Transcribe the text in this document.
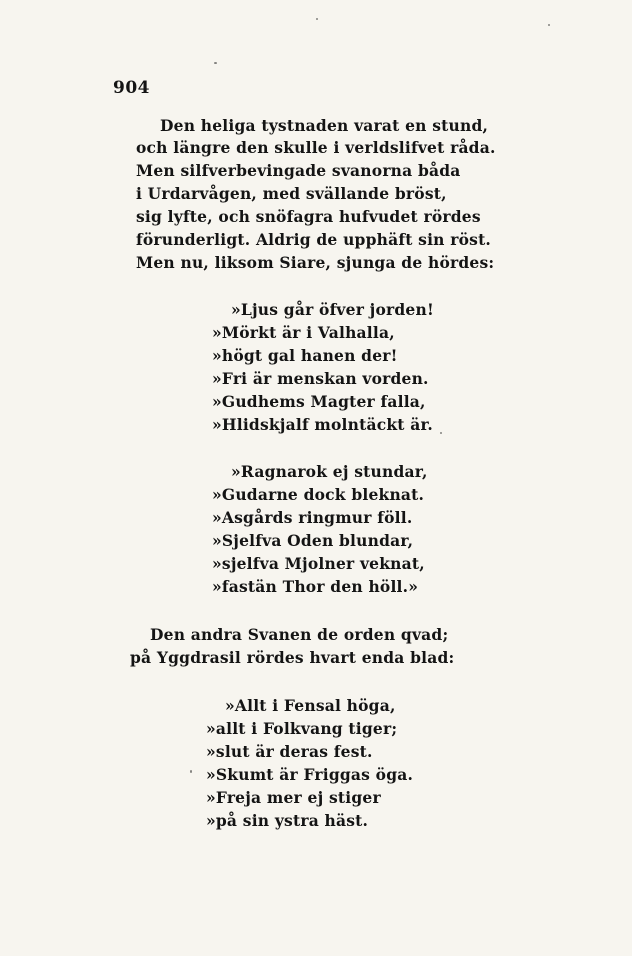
904
Den heliga tystnaden varat en stund,
och längre den skulle i verldslifvet råda.
Men silfverbevingade svanorna båda
i Urdarvågen, med svällande bröst,
sig lyfte, och snöfagra hufvudet rördes
förunderligt. Aldrig de upphäft sin röst.
Men nu, liksom Siare, sjunga de hördes:
»Ljus går öfver jorden!
»Mörkt är i Valhalla,
»högt gal hanen der!
»Fri är menskan vorden.
»Gudhems Magter falla,
»Hlidskjalf molntäckt är.
»Ragnarok ej stundar,
»Gudarne dock bleknat.
»Asgårds ringmur föll.
»Sjelfva Oden blundar,
»sjelfva Mjolner veknat,
»fastän Thor den höll.»
Den andra Svanen de orden qvad;
på Yggdrasil rördes hvart enda blad:
»Allt i Fensal höga,
»allt i Folkvang tiger;
»slut är deras fest.
»Skumt är Friggas öga.
»Freja mer ej stiger
»på sin ystra häst.
